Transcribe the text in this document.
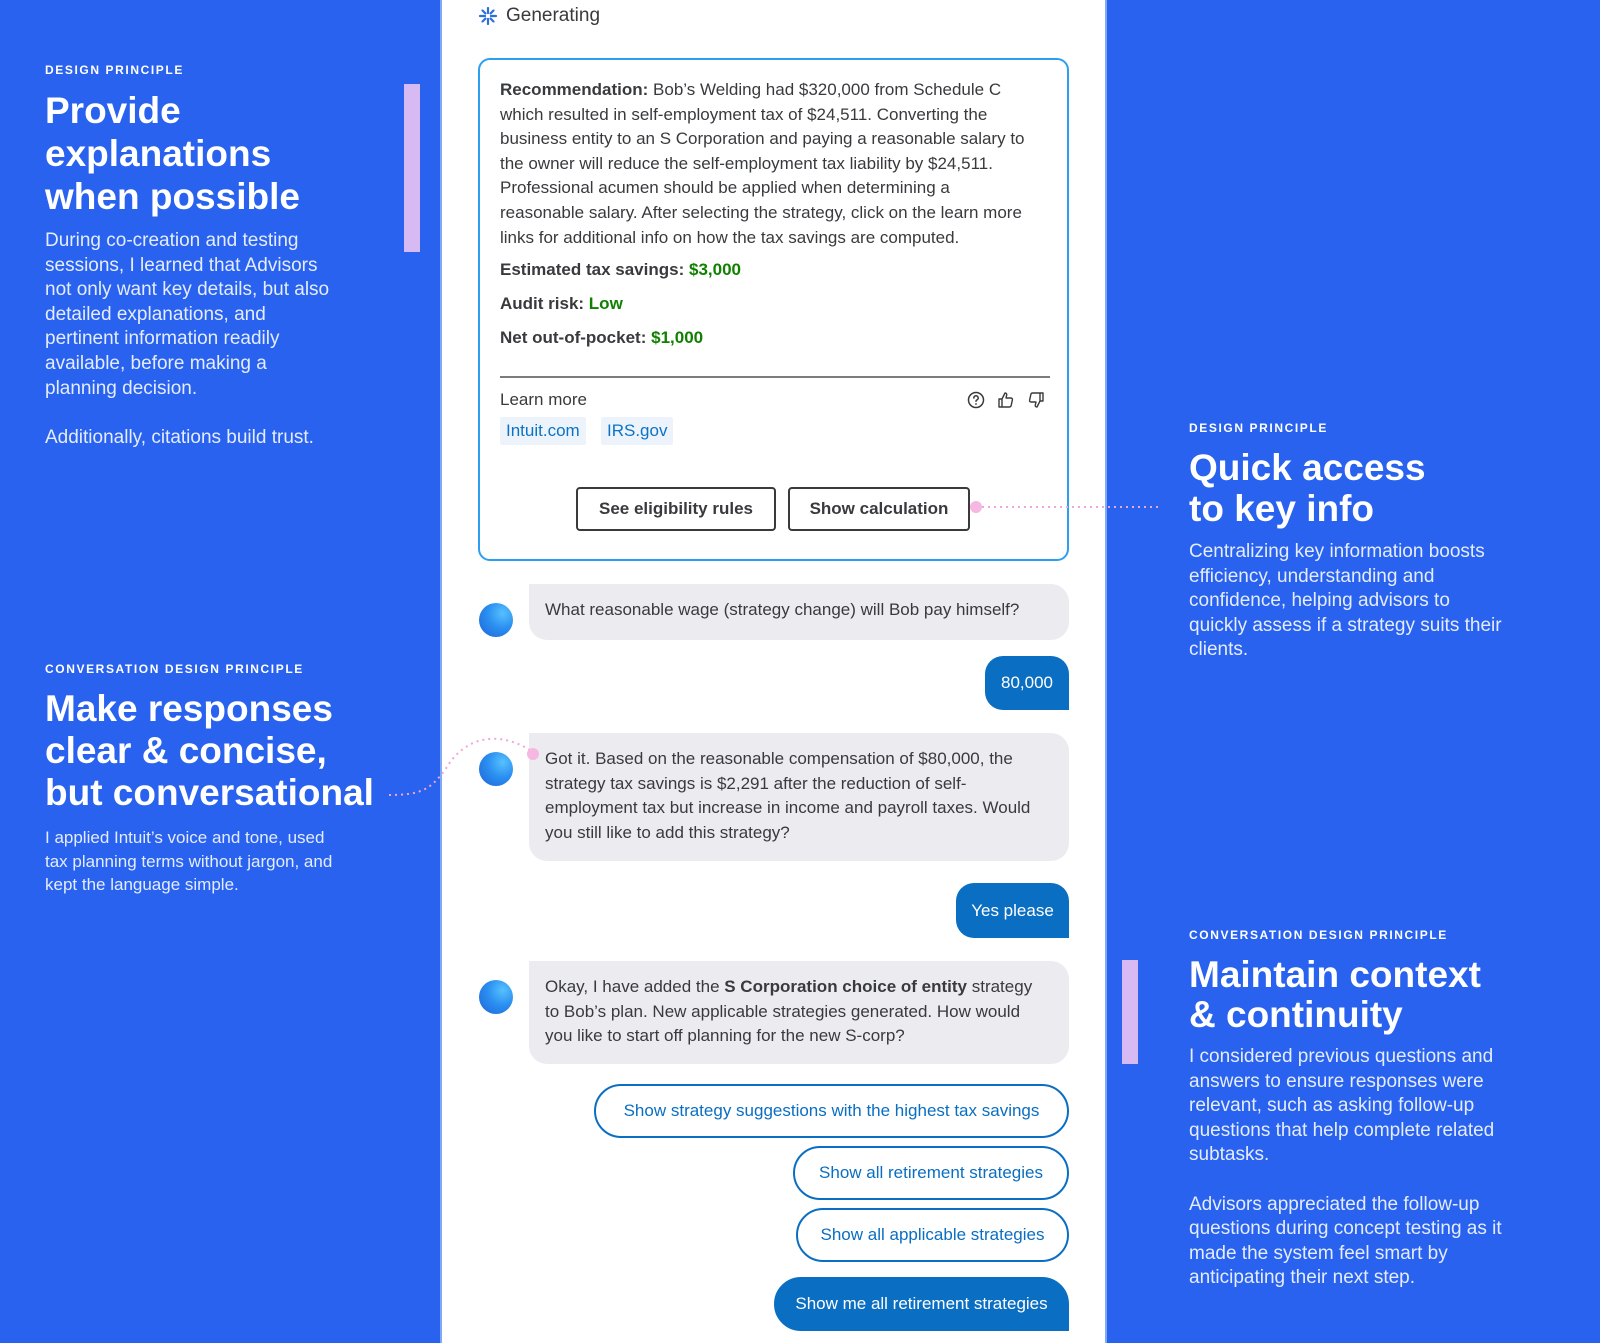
DESIGN PRINCIPLE
Provide
explanations
when possible
During co-creation and testing
sessions, I learned that Advisors
not only want key details, but also
detailed explanations, and
pertinent information readily
available, before making a
planning decision.
Additionally, citations build trust.
CONVERSATION DESIGN PRINCIPLE
Make responses
clear & concise,
but conversational
I applied Intuit’s voice and tone, used
tax planning terms without jargon, and
kept the language simple.
DESIGN PRINCIPLE
Quick access
to key info
Centralizing key information boosts
efficiency, understanding and
confidence, helping advisors to
quickly assess if a strategy suits their
clients.
CONVERSATION DESIGN PRINCIPLE
Maintain context
& continuity
I considered previous questions and
answers to ensure responses were
relevant, such as asking follow-up
questions that help complete related
subtasks.
Advisors appreciated the follow-up
questions during concept testing as it
made the system feel smart by
anticipating their next step.
Generating
Recommendation: Bob’s Welding had $320,000 from Schedule C
which resulted in self-employment tax of $24,511. Converting the
business entity to an S Corporation and paying a reasonable salary to
the owner will reduce the self-employment tax liability by $24,511.
Professional acumen should be applied when determining a
reasonable salary. After selecting the strategy, click on the learn more
links for additional info on how the tax savings are computed.
Estimated tax savings: $3,000
Audit risk: Low
Net out-of-pocket: $1,000
Learn more
Intuit.com	IRS.gov
See eligibility rules	Show calculation
What reasonable wage (strategy change) will Bob pay himself?
80,000
Got it. Based on the reasonable compensation of $80,000, the
strategy tax savings is $2,291 after the reduction of self-
employment tax but increase in income and payroll taxes. Would
you still like to add this strategy?
Yes please
Okay, I have added the S Corporation choice of entity strategy
to Bob’s plan. New applicable strategies generated. How would
you like to start off planning for the new S-corp?
Show strategy suggestions with the highest tax savings
Show all retirement strategies
Show all applicable strategies
Show me all retirement strategies
